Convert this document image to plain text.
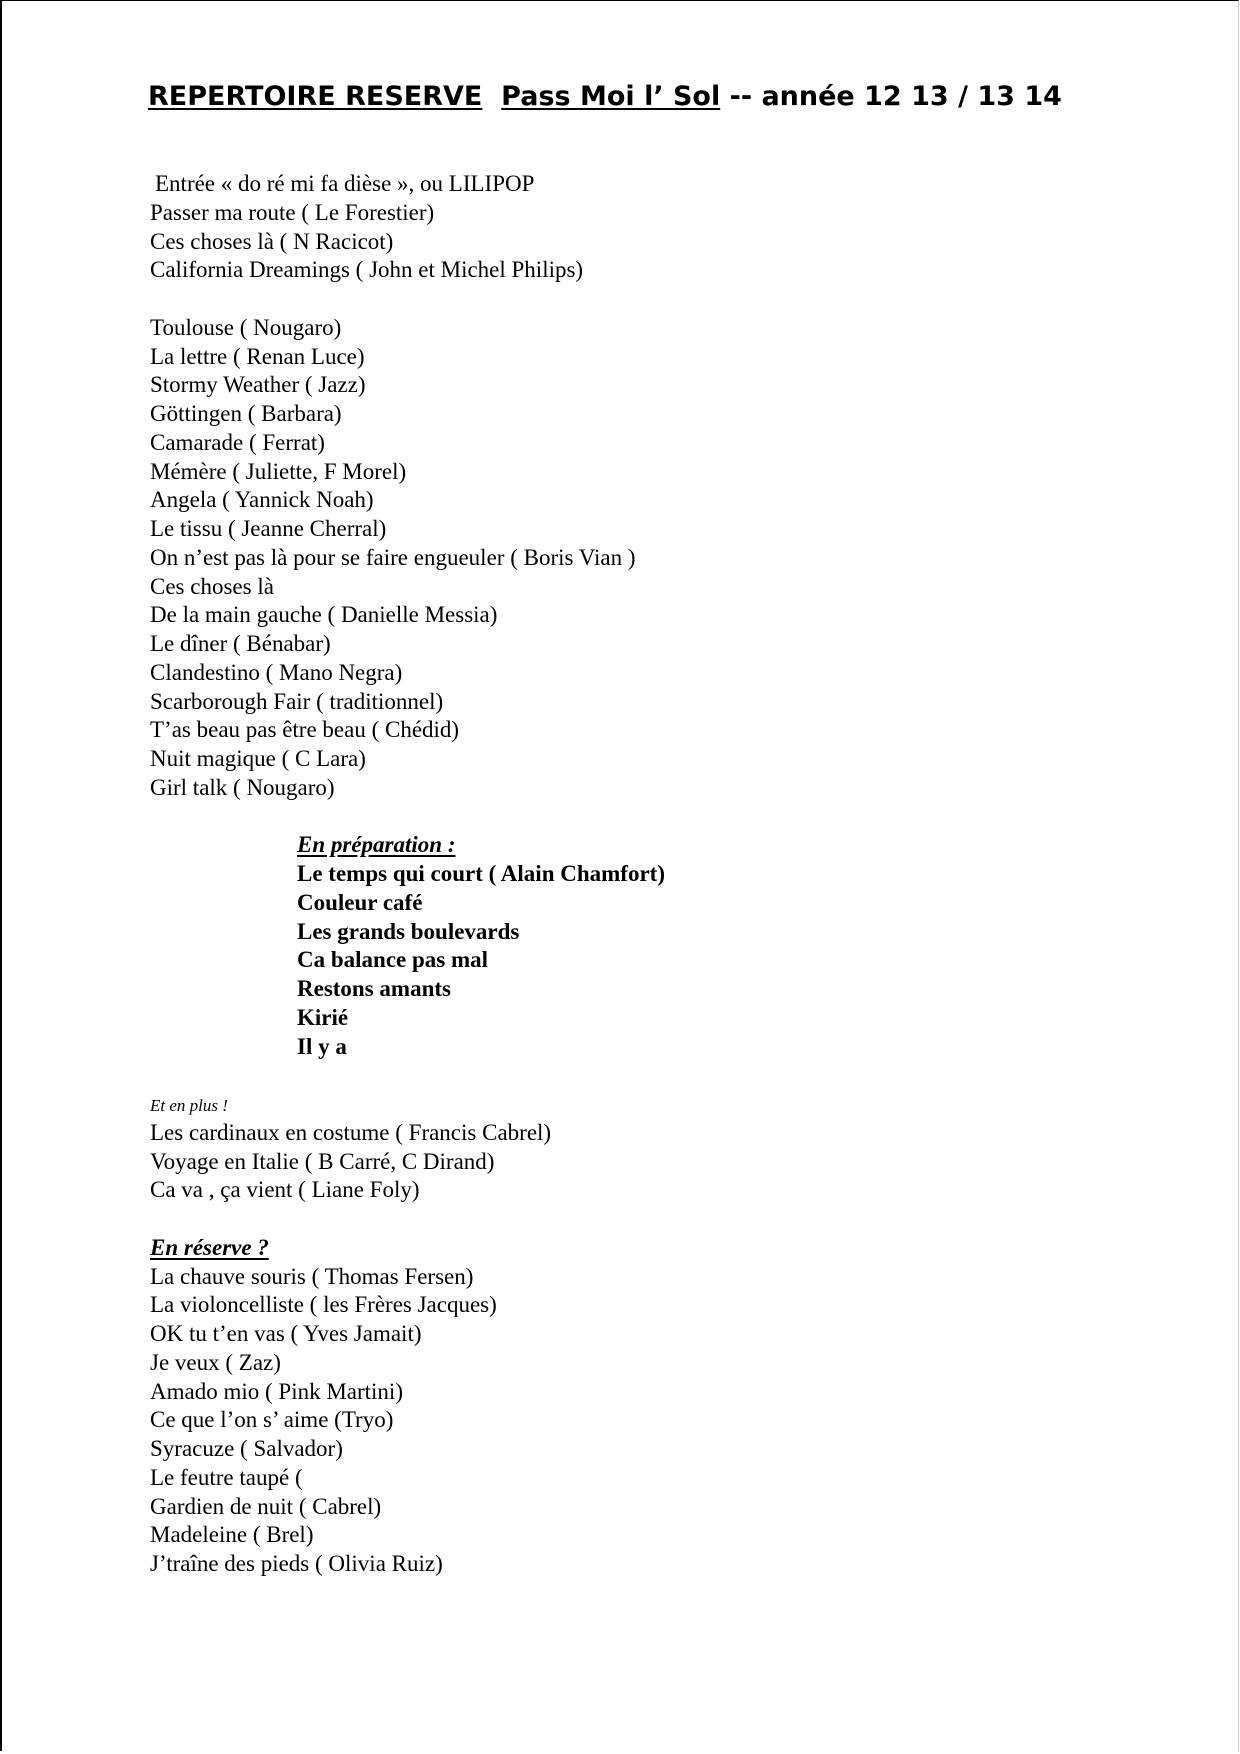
REPERTOIRE RESERVE Pass Moi l’ Sol -- année 12 13 / 13 14
Entrée « do ré mi fa dièse », ou LILIPOP
Passer ma route ( Le Forestier)
Ces choses là ( N Racicot)
California Dreamings ( John et Michel Philips)
Toulouse ( Nougaro)
La lettre ( Renan Luce)
Stormy Weather ( Jazz)
Göttingen ( Barbara)
Camarade ( Ferrat)
Mémère ( Juliette, F Morel)
Angela ( Yannick Noah)
Le tissu ( Jeanne Cherral)
On n’est pas là pour se faire engueuler ( Boris Vian )
Ces choses là
De la main gauche ( Danielle Messia)
Le dîner ( Bénabar)
Clandestino ( Mano Negra)
Scarborough Fair ( traditionnel)
T’as beau pas être beau ( Chédid)
Nuit magique ( C Lara)
Girl talk ( Nougaro)
En préparation :
Le temps qui court ( Alain Chamfort)
Couleur café
Les grands boulevards
Ca balance pas mal
Restons amants
Kirié
Il y a
Et en plus !
Les cardinaux en costume ( Francis Cabrel)
Voyage en Italie ( B Carré, C Dirand)
Ca va , ça vient ( Liane Foly)
En réserve ?
La chauve souris ( Thomas Fersen)
La violoncelliste ( les Frères Jacques)
OK tu t’en vas ( Yves Jamait)
Je veux ( Zaz)
Amado mio ( Pink Martini)
Ce que l’on s’ aime (Tryo)
Syracuze ( Salvador)
Le feutre taupé (
Gardien de nuit ( Cabrel)
Madeleine ( Brel)
J’traîne des pieds ( Olivia Ruiz)
